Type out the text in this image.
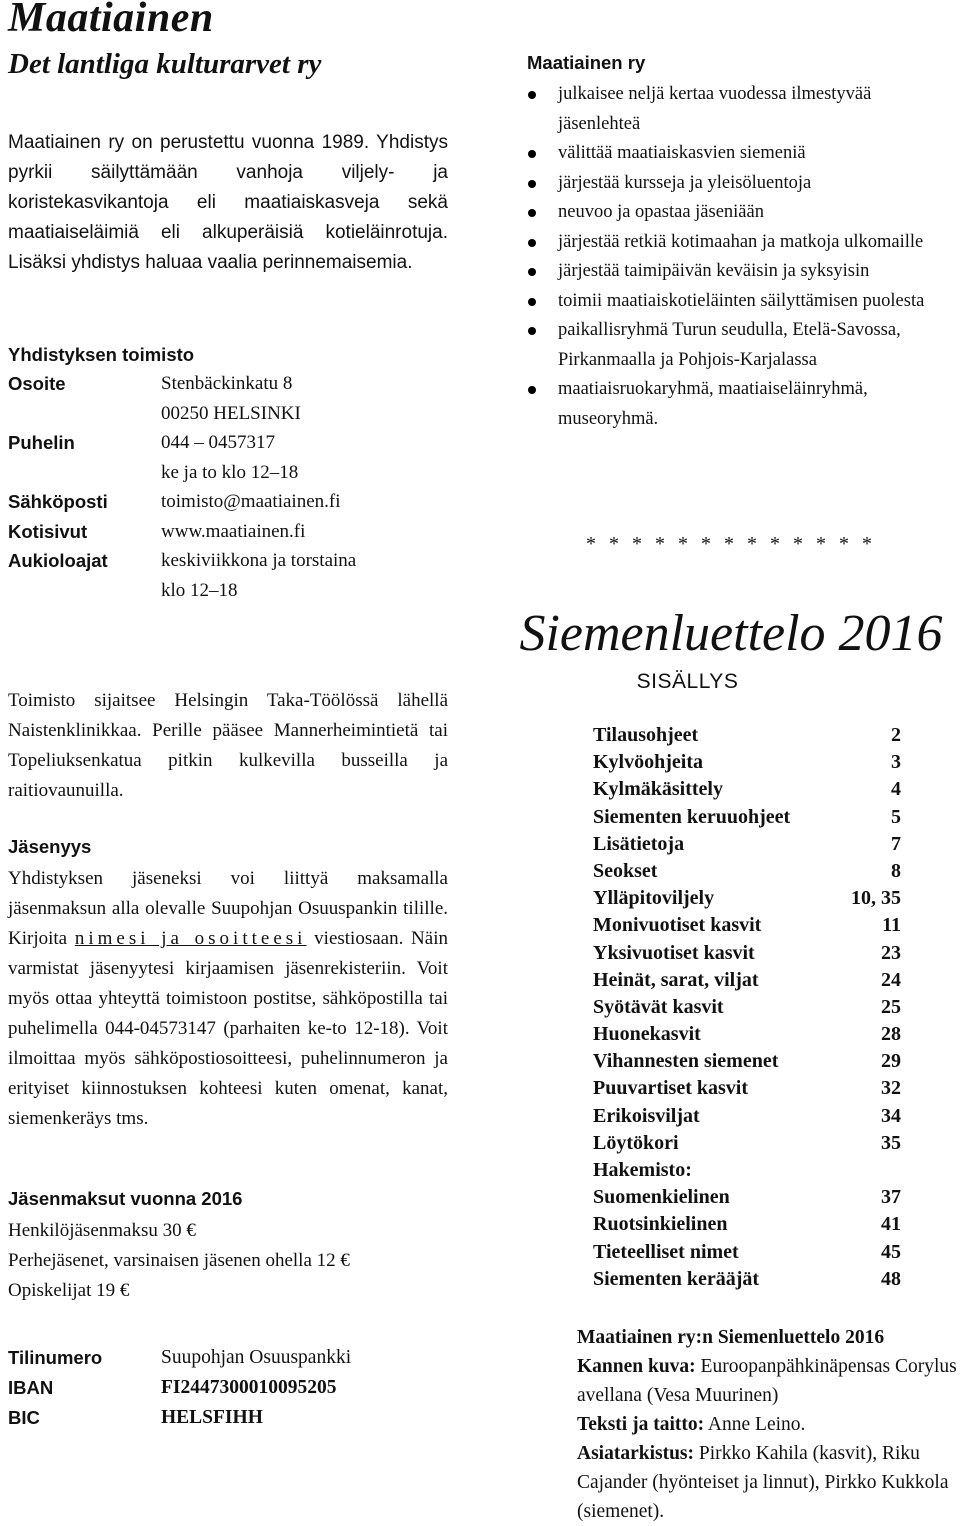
Maatiainen
Det lantliga kulturarvet ry
Maatiainen ry on perustettu vuonna 1989. Yhdistys pyrkii säilyttämään vanhoja viljely- ja koristekasvikantoja eli maatiaiskasveja sekä maatiaiseläimiä eli alkuperäisiä kotieläinrotuja. Lisäksi yhdistys haluaa vaalia perinnemaisemia.
Yhdistyksen toimisto
Osoite	Stenbäckinkatu 8
00250 HELSINKI
Puhelin	044 – 0457317
ke ja to klo 12–18
Sähköposti	toimisto@maatiainen.fi
Kotisivut	www.maatiainen.fi
Aukioloajat	keskiviikkona ja torstaina
klo 12–18
Toimisto sijaitsee Helsingin Taka-Töölössä lähellä Naistenklinikkaa. Perille pääsee Mannerheimintietä tai Topeliuksenkatua pitkin kulkevilla busseilla ja raitiovaunuilla.
Jäsenyys
Yhdistyksen jäseneksi voi liittyä maksamalla jäsenmaksun alla olevalle Suupohjan Osuuspankin tilille. Kirjoita nimesi ja osoitteesi viestiosaan. Näin varmistat jäsenyytesi kirjaamisen jäsenrekisteriin. Voit myös ottaa yhteyttä toimistoon postitse, sähköpostilla tai puhelimella 044-04573147 (parhaiten ke-to 12-18). Voit ilmoittaa myös sähköpostiosoitteesi, puhelinnumeron ja erityiset kiinnostuksen kohteesi kuten omenat, kanat, siemenkeräys tms.
Jäsenmaksut vuonna 2016
Henkilöjäsenmaksu 30 €
Perhejäsenet, varsinaisen jäsenen ohella 12 €
Opiskelijat 19 €
Tilinumero	Suupohjan Osuuspankki
IBAN	FI2447300010095205
BIC	HELSFIHH
Maatiainen ry
julkaisee neljä kertaa vuodessa ilmestyvää jäsenlehteä
välittää maatiaiskasvien siemeniä
järjestää kursseja ja yleisöluentoja
neuvoo ja opastaa jäseniään
järjestää retkiä kotimaahan ja matkoja ulkomaille
järjestää taimipäivän keväisin ja syksyisin
toimii maatiaiskotieläinten säilyttämisen puolesta
paikallisryhmä Turun seudulla, Etelä-Savossa, Pirkanmaalla ja Pohjois-Karjalassa
maatiaisruokaryhmä, maatiaiseläinryhmä, museoryhmä.
* * * * * * * * * * * * *
Siemenluettelo 2016
SISÄLLYS
Tilausohjeet	2
Kylvöohjeita	3
Kylmäkäsittely	4
Siementen keruuohjeet	5
Lisätietoja	7
Seokset	8
Ylläpitoviljely	10, 35
Monivuotiset kasvit	11
Yksivuotiset kasvit	23
Heinät, sarat, viljat	24
Syötävät kasvit	25
Huonekasvit	28
Vihannesten siemenet	29
Puuvartiset kasvit	32
Erikoisviljat	34
Löytökori	35
Hakemisto:
Suomenkielinen	37
Ruotsinkielinen	41
Tieteelliset nimet	45
Siementen kerääjät	48
Maatiainen ry:n Siemenluettelo 2016
Kannen kuva: Euroopanpähkinäpensas Corylus avellana (Vesa Muurinen)
Teksti ja taitto: Anne Leino.
Asiatarkistus: Pirkko Kahila (kasvit), Riku Cajander (hyönteiset ja linnut), Pirkko Kukkola (siemenet).
